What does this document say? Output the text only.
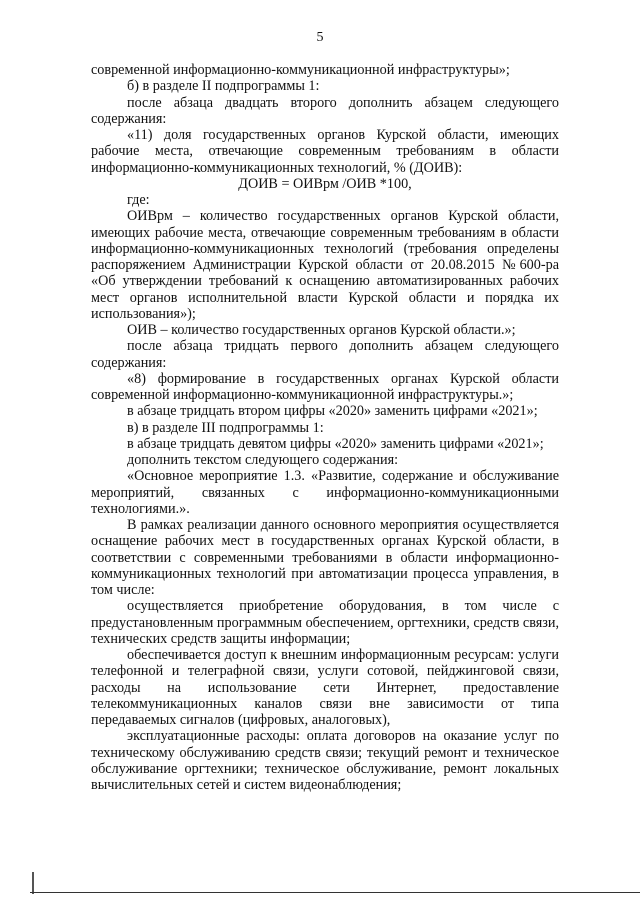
5

современной информационно-коммуникационной инфраструктуры»;

б) в разделе II подпрограммы 1:

после абзаца двадцать второго дополнить абзацем следующего содержания:

«11) доля государственных органов Курской области, имеющих рабочие места, отвечающие современным требованиям в области информационно-коммуникационных технологий, % (ДОИВ):

ДОИВ = ОИВрм /ОИВ *100,

где:

ОИВрм – количество государственных органов Курской области, имеющих рабочие места, отвечающие современным требованиям в области информационно-коммуникационных технологий (требования определены распоряжением Администрации Курской области от 20.08.2015 №600-ра «Об утверждении требований к оснащению автоматизированных рабочих мест органов исполнительной власти Курской области и порядка их использования»);

ОИВ – количество государственных органов Курской области.»;

после абзаца тридцать первого дополнить абзацем следующего содержания:

«8) формирование в государственных органах Курской области современной информационно-коммуникационной инфраструктуры.»;

в абзаце тридцать втором цифры «2020» заменить цифрами «2021»;

в) в разделе III подпрограммы 1:

в абзаце тридцать девятом цифры «2020» заменить цифрами «2021»;

дополнить текстом следующего содержания:

«Основное мероприятие 1.3. «Развитие, содержание и обслуживание мероприятий, связанных с информационно-коммуникационными технологиями.».

В рамках реализации данного основного мероприятия осуществляется оснащение рабочих мест в государственных органах Курской области, в соответствии с современными требованиями в области информационно-коммуникационных технологий при автоматизации процесса управления, в том числе:

осуществляется приобретение оборудования, в том числе с предустановленным программным обеспечением, оргтехники, средств связи, технических средств защиты информации;

обеспечивается доступ к внешним информационным ресурсам: услуги телефонной и телеграфной связи, услуги сотовой, пейджинговой связи, расходы на использование сети Интернет, предоставление телекоммуникационных каналов связи вне зависимости от типа передаваемых сигналов (цифровых, аналоговых),

эксплуатационные расходы: оплата договоров на оказание услуг по техническому обслуживанию средств связи; текущий ремонт и техническое обслуживание оргтехники; техническое обслуживание, ремонт локальных вычислительных сетей и систем видеонаблюдения;
